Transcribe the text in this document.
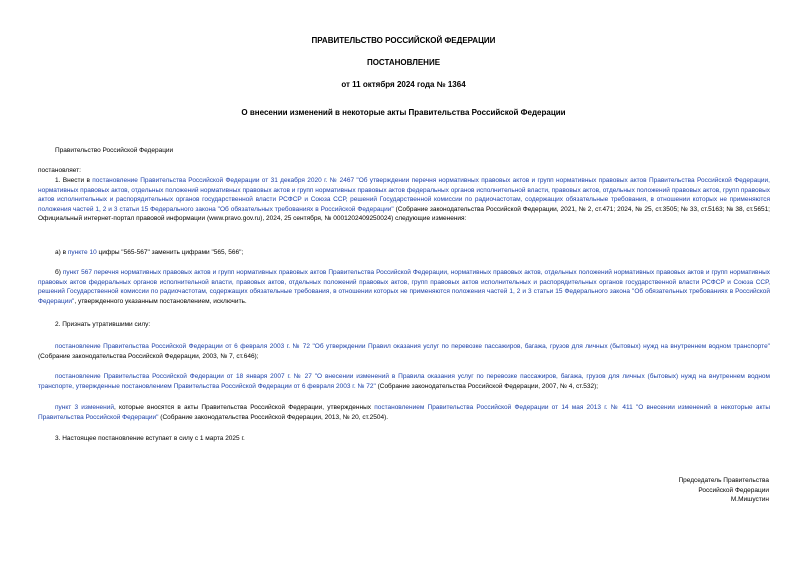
ПРАВИТЕЛЬСТВО РОССИЙСКОЙ ФЕДЕРАЦИИ
ПОСТАНОВЛЕНИЕ
от 11 октября 2024 года № 1364
О внесении изменений в некоторые акты Правительства Российской Федерации
Правительство Российской Федерации
постановляет:
1. Внести в постановление Правительства Российской Федерации от 31 декабря 2020 г. № 2467 "Об утверждении перечня нормативных правовых актов и групп нормативных правовых актов Правительства Российской Федерации, нормативных правовых актов, отдельных положений нормативных правовых актов и групп нормативных правовых актов федеральных органов исполнительной власти, правовых актов, отдельных положений правовых актов, групп правовых актов исполнительных и распорядительных органов государственной власти РСФСР и Союза ССР, решений Государственной комиссии по радиочастотам, содержащих обязательные требования, в отношении которых не применяются положения частей 1, 2 и 3 статьи 15 Федерального закона "Об обязательных требованиях в Российской Федерации" (Собрание законодательства Российской Федерации, 2021, № 2, ст.471; 2024, № 25, ст.3505; № 33, ст.5163; № 38, ст.5651; Официальный интернет-портал правовой информации (www.pravo.gov.ru), 2024, 25 сентября, № 0001202409250024) следующие изменения:
а) в пункте 10 цифры "565-567" заменить цифрами "565, 566";
б) пункт 567 перечня нормативных правовых актов и групп нормативных правовых актов Правительства Российской Федерации, нормативных правовых актов, отдельных положений нормативных правовых актов и групп нормативных правовых актов федеральных органов исполнительной власти, правовых актов, отдельных положений правовых актов, групп правовых актов исполнительных и распорядительных органов государственной власти РСФСР и Союза ССР, решений Государственной комиссии по радиочастотам, содержащих обязательные требования, в отношении которых не применяются положения частей 1, 2 и 3 статьи 15 Федерального закона "Об обязательных требованиях в Российской Федерации", утвержденного указанным постановлением, исключить.
2. Признать утратившими силу:
постановление Правительства Российской Федерации от 6 февраля 2003 г. № 72 "Об утверждении Правил оказания услуг по перевозке пассажиров, багажа, грузов для личных (бытовых) нужд на внутреннем водном транспорте" (Собрание законодательства Российской Федерации, 2003, № 7, ст.646);
постановление Правительства Российской Федерации от 18 января 2007 г. № 27 "О внесении изменений в Правила оказания услуг по перевозке пассажиров, багажа, грузов для личных (бытовых) нужд на внутреннем водном транспорте, утвержденные постановлением Правительства Российской Федерации от 6 февраля 2003 г. № 72" (Собрание законодательства Российской Федерации, 2007, № 4, ст.532);
пункт 3 изменений, которые вносятся в акты Правительства Российской Федерации, утвержденных постановлением Правительства Российской Федерации от 14 мая 2013 г. № 411 "О внесении изменений в некоторые акты Правительства Российской Федерации" (Собрание законодательства Российской Федерации, 2013, № 20, ст.2504).
3. Настоящее постановление вступает в силу с 1 марта 2025 г.
Председатель Правительства
Российской Федерации
М.Мишустин
